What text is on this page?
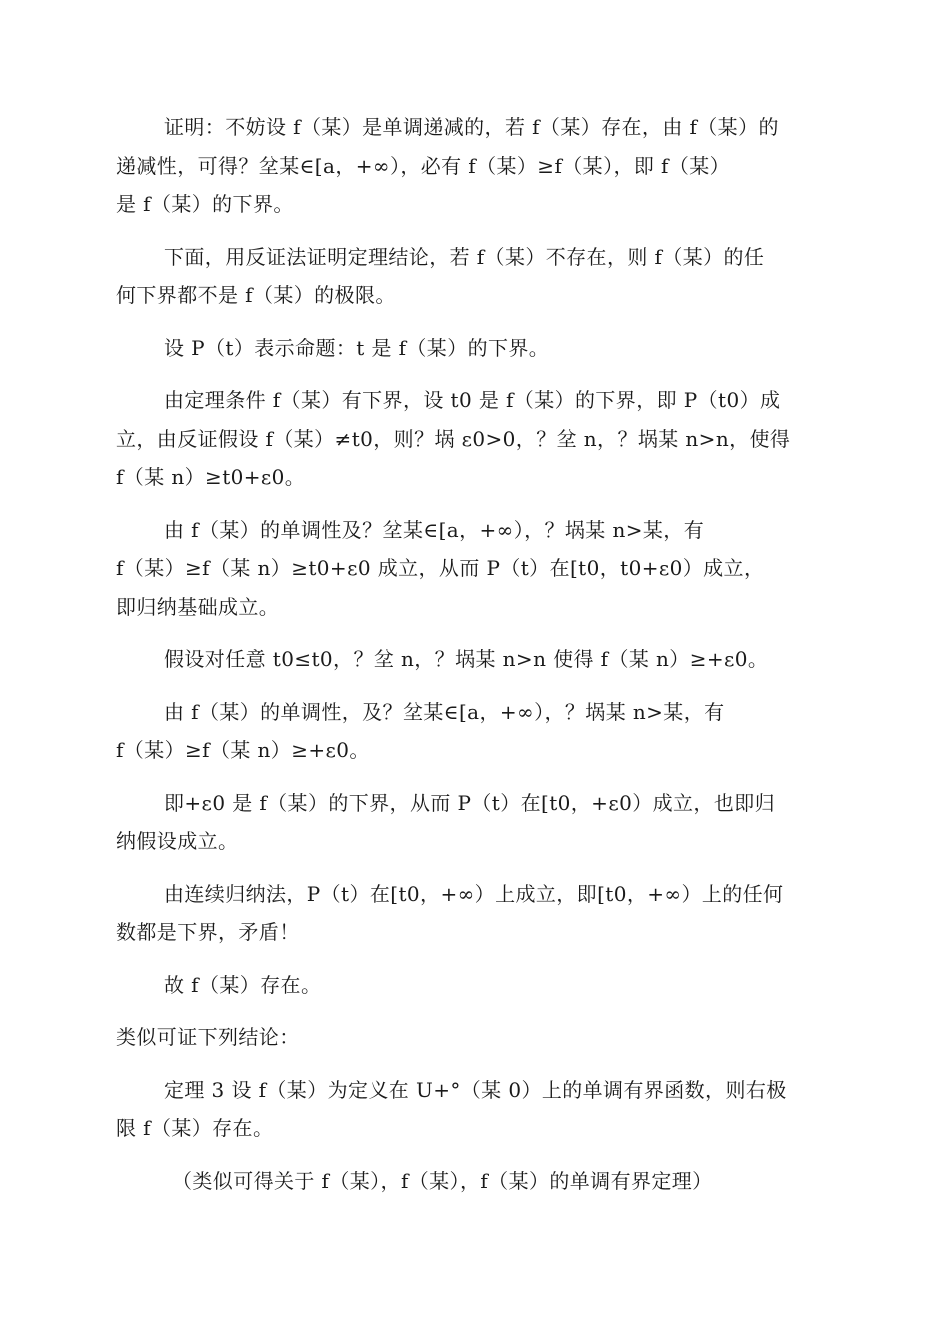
证明：不妨设 f（某）是单调递减的，若 f（某）存在，由 f（某）的
递减性，可得？坌某∈[a，+∞），必有 f（某）≥f（某），即 f（某）
是 f（某）的下界。

下面，用反证法证明定理结论，若 f（某）不存在，则 f（某）的任
何下界都不是 f（某）的极限。

设 P（t）表示命题：t 是 f（某）的下界。

由定理条件 f（某）有下界，设 t0 是 f（某）的下界，即 P（t0）成
立，由反证假设 f（某）≠t0，则？埚 ε0>0，？坌 n，？埚某 n>n，使得
f（某 n）≥t0+ε0。

由 f（某）的单调性及？坌某∈[a，+∞），？埚某 n>某，有
f（某）≥f（某 n）≥t0+ε0 成立，从而 P（t）在[t0，t0+ε0）成立，
即归纳基础成立。

假设对任意 t0≤t0，？坌 n，？埚某 n>n 使得 f（某 n）≥+ε0。

由 f（某）的单调性，及？坌某∈[a，+∞），？埚某 n>某，有
f（某）≥f（某 n）≥+ε0。

即+ε0 是 f（某）的下界，从而 P（t）在[t0，+ε0）成立，也即归
纳假设成立。

由连续归纳法，P（t）在[t0，+∞）上成立，即[t0，+∞）上的任何
数都是下界，矛盾！

故 f（某）存在。

类似可证下列结论：

定理 3 设 f（某）为定义在 U+°（某 0）上的单调有界函数，则右极
限 f（某）存在。

（类似可得关于 f（某），f（某），f（某）的单调有界定理）
